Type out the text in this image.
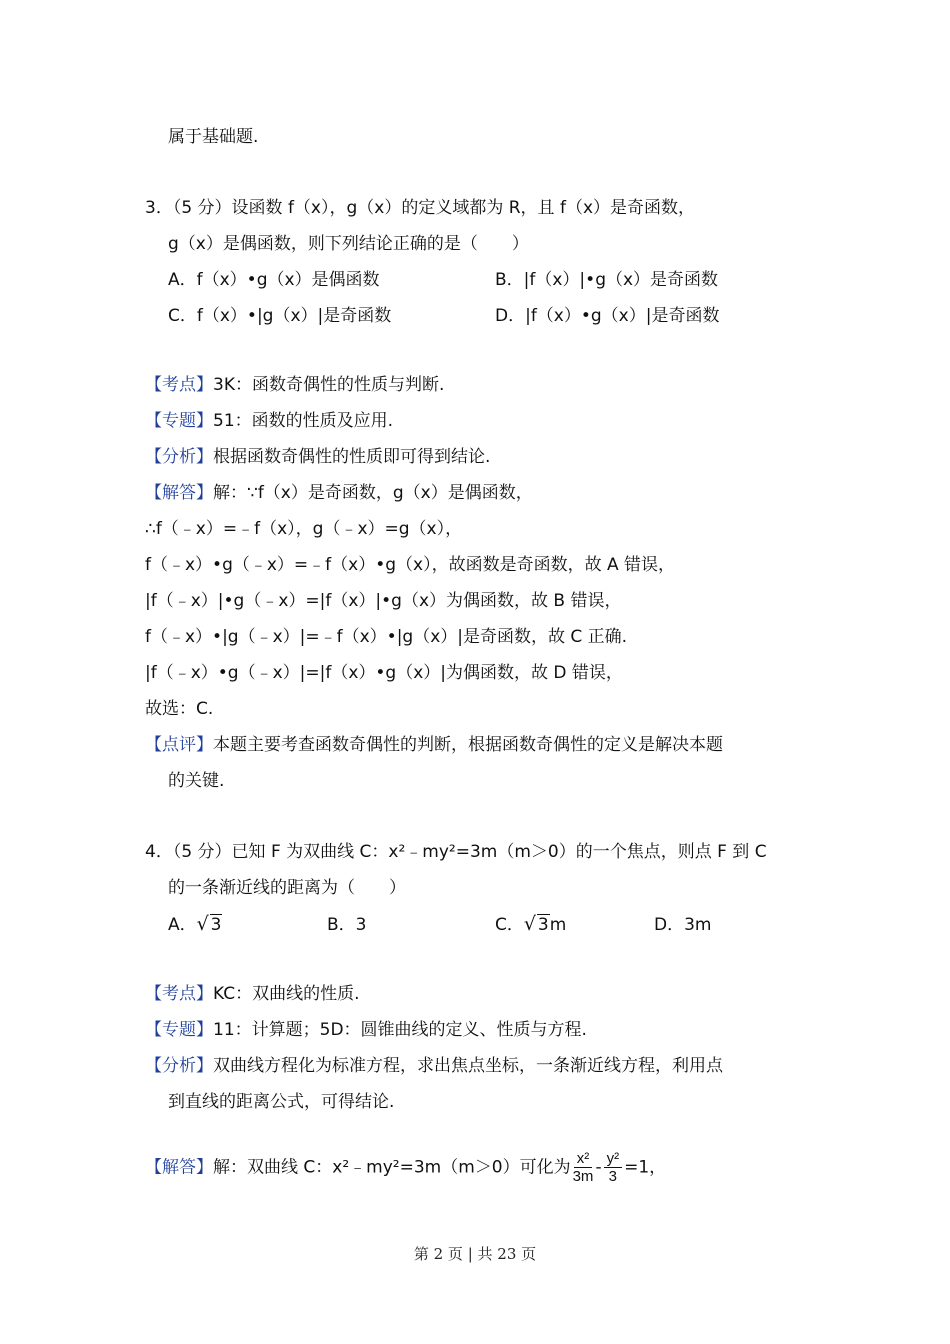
属于基础题.
3．（5 分）设函数 f（x），g（x）的定义域都为 R，且 f（x）是奇函数，
g（x）是偶函数，则下列结论正确的是（　　）
A．f（x）•g（x）是偶函数	B．|f（x）|•g（x）是奇函数
C．f（x）•|g（x）|是奇函数	D．|f（x）•g（x）|是奇函数
【考点】3K：函数奇偶性的性质与判断.
【专题】51：函数的性质及应用.
【分析】根据函数奇偶性的性质即可得到结论.
【解答】解：∵f（x）是奇函数，g（x）是偶函数，
∴f（﹣x）=﹣f（x），g（﹣x）=g（x），
f（﹣x）•g（﹣x）=﹣f（x）•g（x），故函数是奇函数，故 A 错误，
|f（﹣x）|•g（﹣x）=|f（x）|•g（x）为偶函数，故 B 错误，
f（﹣x）•|g（﹣x）|=﹣f（x）•|g（x）|是奇函数，故 C 正确.
|f（﹣x）•g（﹣x）|=|f（x）•g（x）|为偶函数，故 D 错误，
故选：C.
【点评】本题主要考查函数奇偶性的判断，根据函数奇偶性的定义是解决本题
的关键.
4．（5 分）已知 F 为双曲线 C：x²﹣my²=3m（m＞0）的一个焦点，则点 F 到 C
的一条渐近线的距离为（　　）
A． √ 3	B．3	C． √ 3m	D．3m
【考点】KC：双曲线的性质.
【专题】11：计算题；5D：圆锥曲线的定义、性质与方程.
【分析】双曲线方程化为标准方程，求出焦点坐标，一条渐近线方程，利用点
到直线的距离公式，可得结论.
【解答】解：双曲线 C：x²﹣my²=3m（m＞0）可化为 $\frac{\text{x²}}{3m} - \frac{\text{y²}}{3} =1$，
第 2 页 | 共 23 页
